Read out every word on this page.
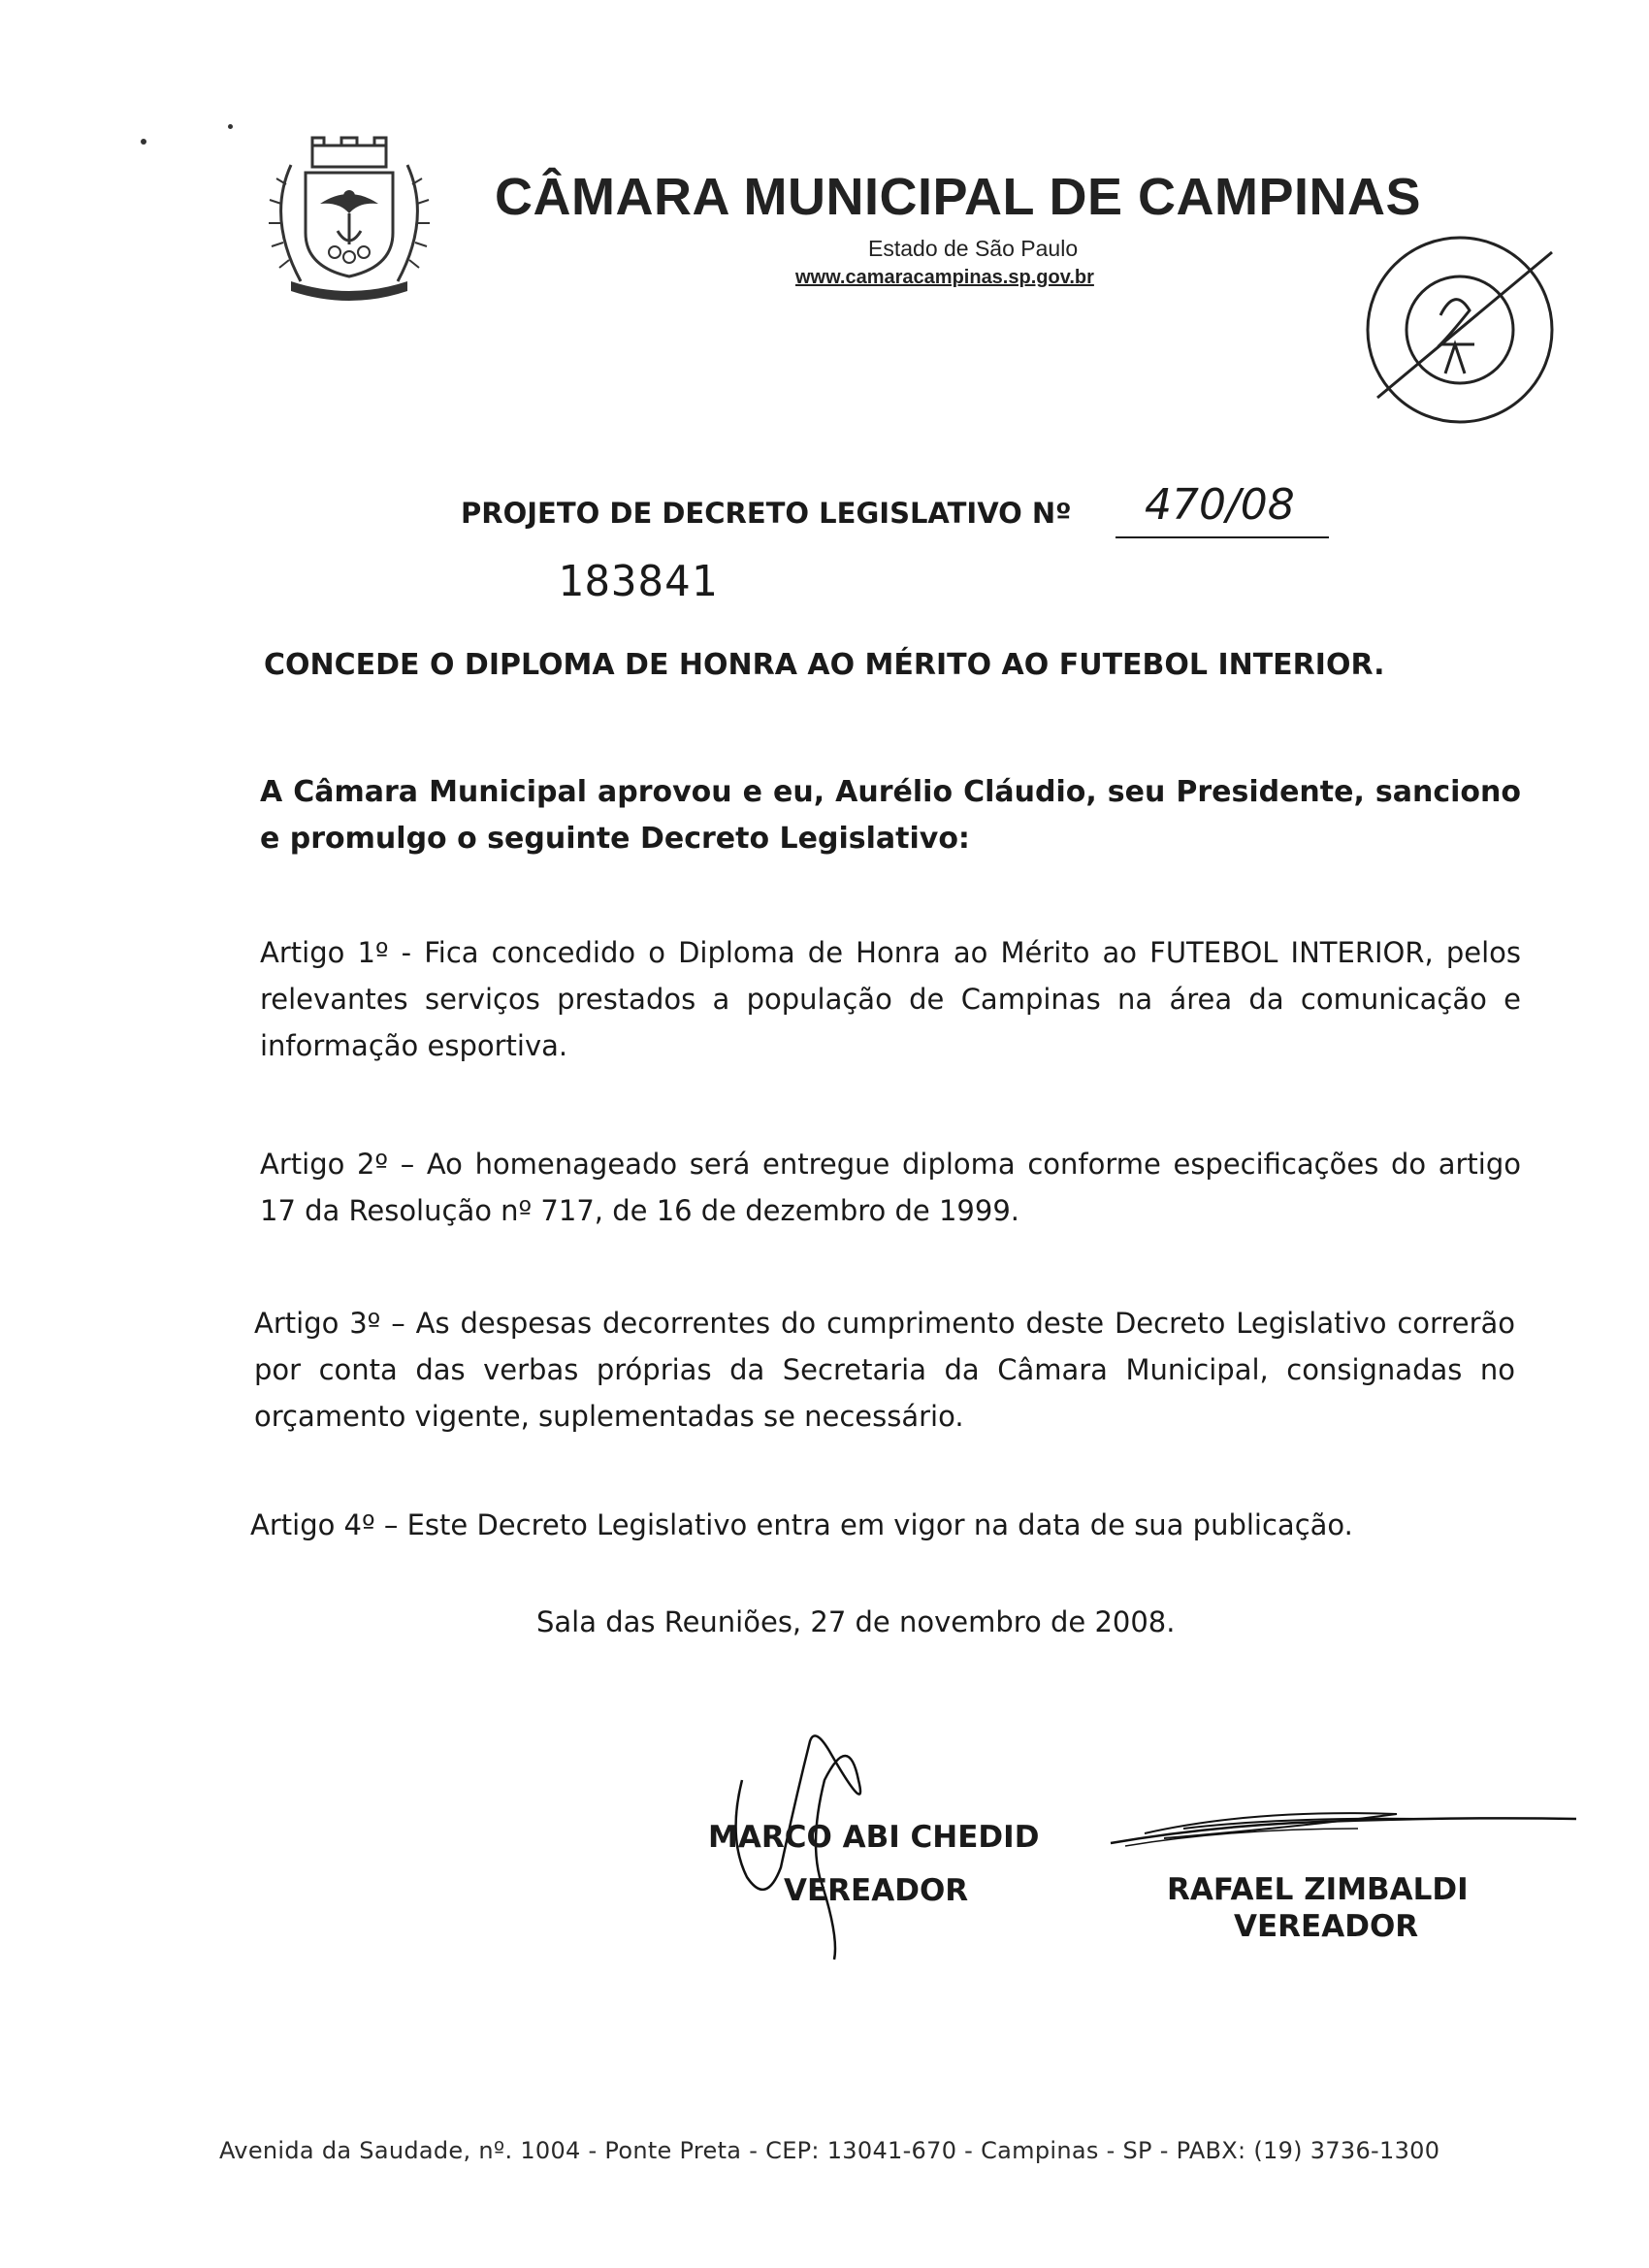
CÂMARA MUNICIPAL DE CAMPINAS
Estado de São Paulo
www.camaracampinas.sp.gov.br
PROJETO DE DECRETO LEGISLATIVO Nº 470/08
183841
CONCEDE O DIPLOMA DE HONRA AO MÉRITO AO FUTEBOL INTERIOR.
A Câmara Municipal aprovou e eu, Aurélio Cláudio, seu Presidente, sanciono e promulgo o seguinte Decreto Legislativo:
Artigo 1º - Fica concedido o Diploma de Honra ao Mérito ao FUTEBOL INTERIOR, pelos relevantes serviços prestados a população de Campinas na área da comunicação e informação esportiva.
Artigo 2º – Ao homenageado será entregue diploma conforme especificações do artigo 17 da Resolução nº 717, de 16 de dezembro de 1999.
Artigo 3º – As despesas decorrentes do cumprimento deste Decreto Legislativo correrão por conta das verbas próprias da Secretaria da Câmara Municipal, consignadas no orçamento vigente, suplementadas se necessário.
Artigo 4º – Este Decreto Legislativo entra em vigor na data de sua publicação.
Sala das Reuniões, 27 de novembro de 2008.
MARCO ABI CHEDID
VEREADOR	RAFAEL ZIMBALDI
VEREADOR
Avenida da Saudade, nº. 1004 - Ponte Preta - CEP: 13041-670 - Campinas - SP - PABX: (19) 3736-1300
